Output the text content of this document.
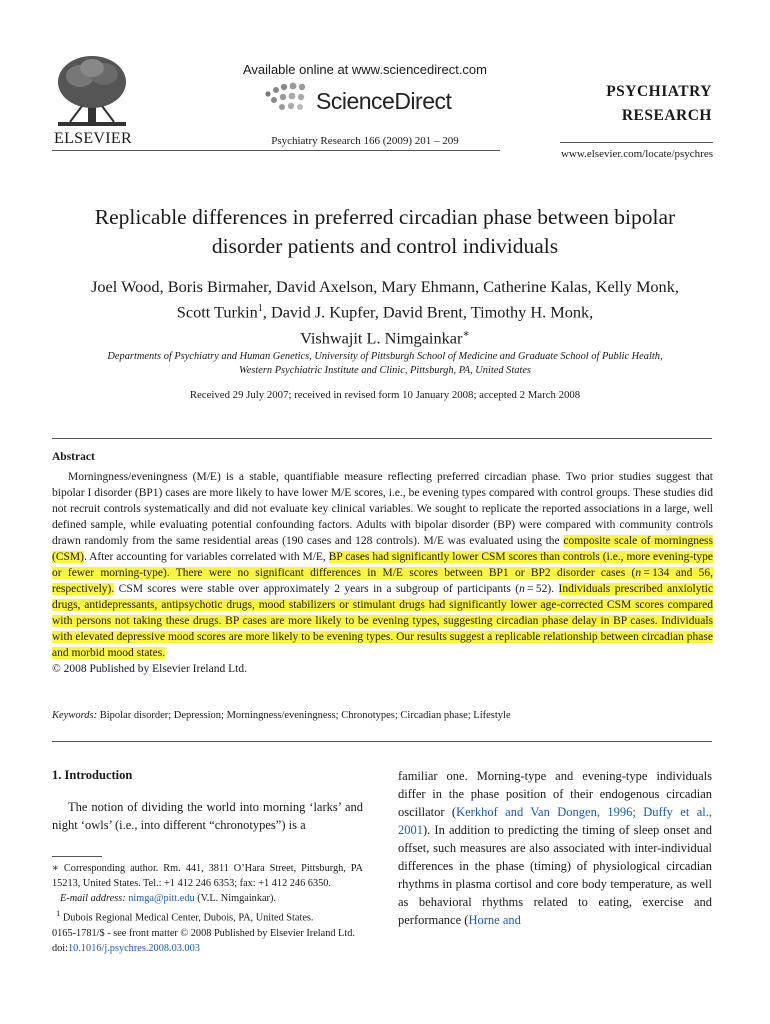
ELSEVIER
Available online at www.sciencedirect.com
ScienceDirect
Psychiatry Research 166 (2009) 201 – 209
PSYCHIATRY
RESEARCH
www.elsevier.com/locate/psychres
Replicable differences in preferred circadian phase between bipolar
disorder patients and control individuals
Joel Wood, Boris Birmaher, David Axelson, Mary Ehmann, Catherine Kalas, Kelly Monk,
Scott Turkin$^1$, David J. Kupfer, David Brent, Timothy H. Monk,
Vishwajit L. Nimgainkar∗
Departments of Psychiatry and Human Genetics, University of Pittsburgh School of Medicine and Graduate School of Public Health,
Western Psychiatric Institute and Clinic, Pittsburgh, PA, United States
Received 29 July 2007; received in revised form 10 January 2008; accepted 2 March 2008
Abstract

Morningness/eveningness (M/E) is a stable, quantifiable measure reflecting preferred circadian phase. Two prior studies suggest that bipolar I disorder (BP1) cases are more likely to have lower M/E scores, i.e., be evening types compared with control groups. These studies did not recruit controls systematically and did not evaluate key clinical variables. We sought to replicate the reported associations in a large, well defined sample, while evaluating potential confounding factors. Adults with bipolar disorder (BP) were compared with community controls drawn randomly from the same residential areas (190 cases and 128 controls). M/E was evaluated using the composite scale of morningness (CSM). After accounting for variables correlated with M/E, BP cases had significantly lower CSM scores than controls (i.e., more evening-type or fewer morning-type). There were no significant differences in M/E scores between BP1 or BP2 disorder cases (n = 134 and 56, respectively). CSM scores were stable over approximately 2 years in a subgroup of participants (n = 52). Individuals prescribed anxiolytic drugs, antidepressants, antipsychotic drugs, mood stabilizers or stimulant drugs had significantly lower age-corrected CSM scores compared with persons not taking these drugs. BP cases are more likely to be evening types, suggesting circadian phase delay in BP cases. Individuals with elevated depressive mood scores are more likely to be evening types. Our results suggest a replicable relationship between circadian phase and morbid mood states.

© 2008 Published by Elsevier Ireland Ltd.

Keywords: Bipolar disorder; Depression; Morningness/eveningness; Chronotypes; Circadian phase; Lifestyle
1. Introduction
The notion of dividing the world into morning ‘larks’ and night ‘owls’ (i.e., into different “chronotypes”) is a
familiar one. Morning-type and evening-type individuals differ in the phase position of their endogenous circadian oscillator (Kerkhof and Van Dongen, 1996; Duffy et al., 2001). In addition to predicting the timing of sleep onset and offset, such measures are also associated with inter-individual differences in the phase (timing) of physiological circadian rhythms in plasma cortisol and core body temperature, as well as behavioral rhythms related to eating, exercise and performance (Horne and

∗ Corresponding author. Rm. 441, 3811 O’Hara Street, Pittsburgh, PA 15213, United States. Tel.: +1 412 246 6353; fax: +1 412 246 6350.

E-mail address: nimga@pitt.edu (V.L. Nimgainkar).

$^1$ Dubois Regional Medical Center, Dubois, PA, United States.

0165-1781/$ - see front matter © 2008 Published by Elsevier Ireland Ltd.
doi:10.1016/j.psychres.2008.03.003
